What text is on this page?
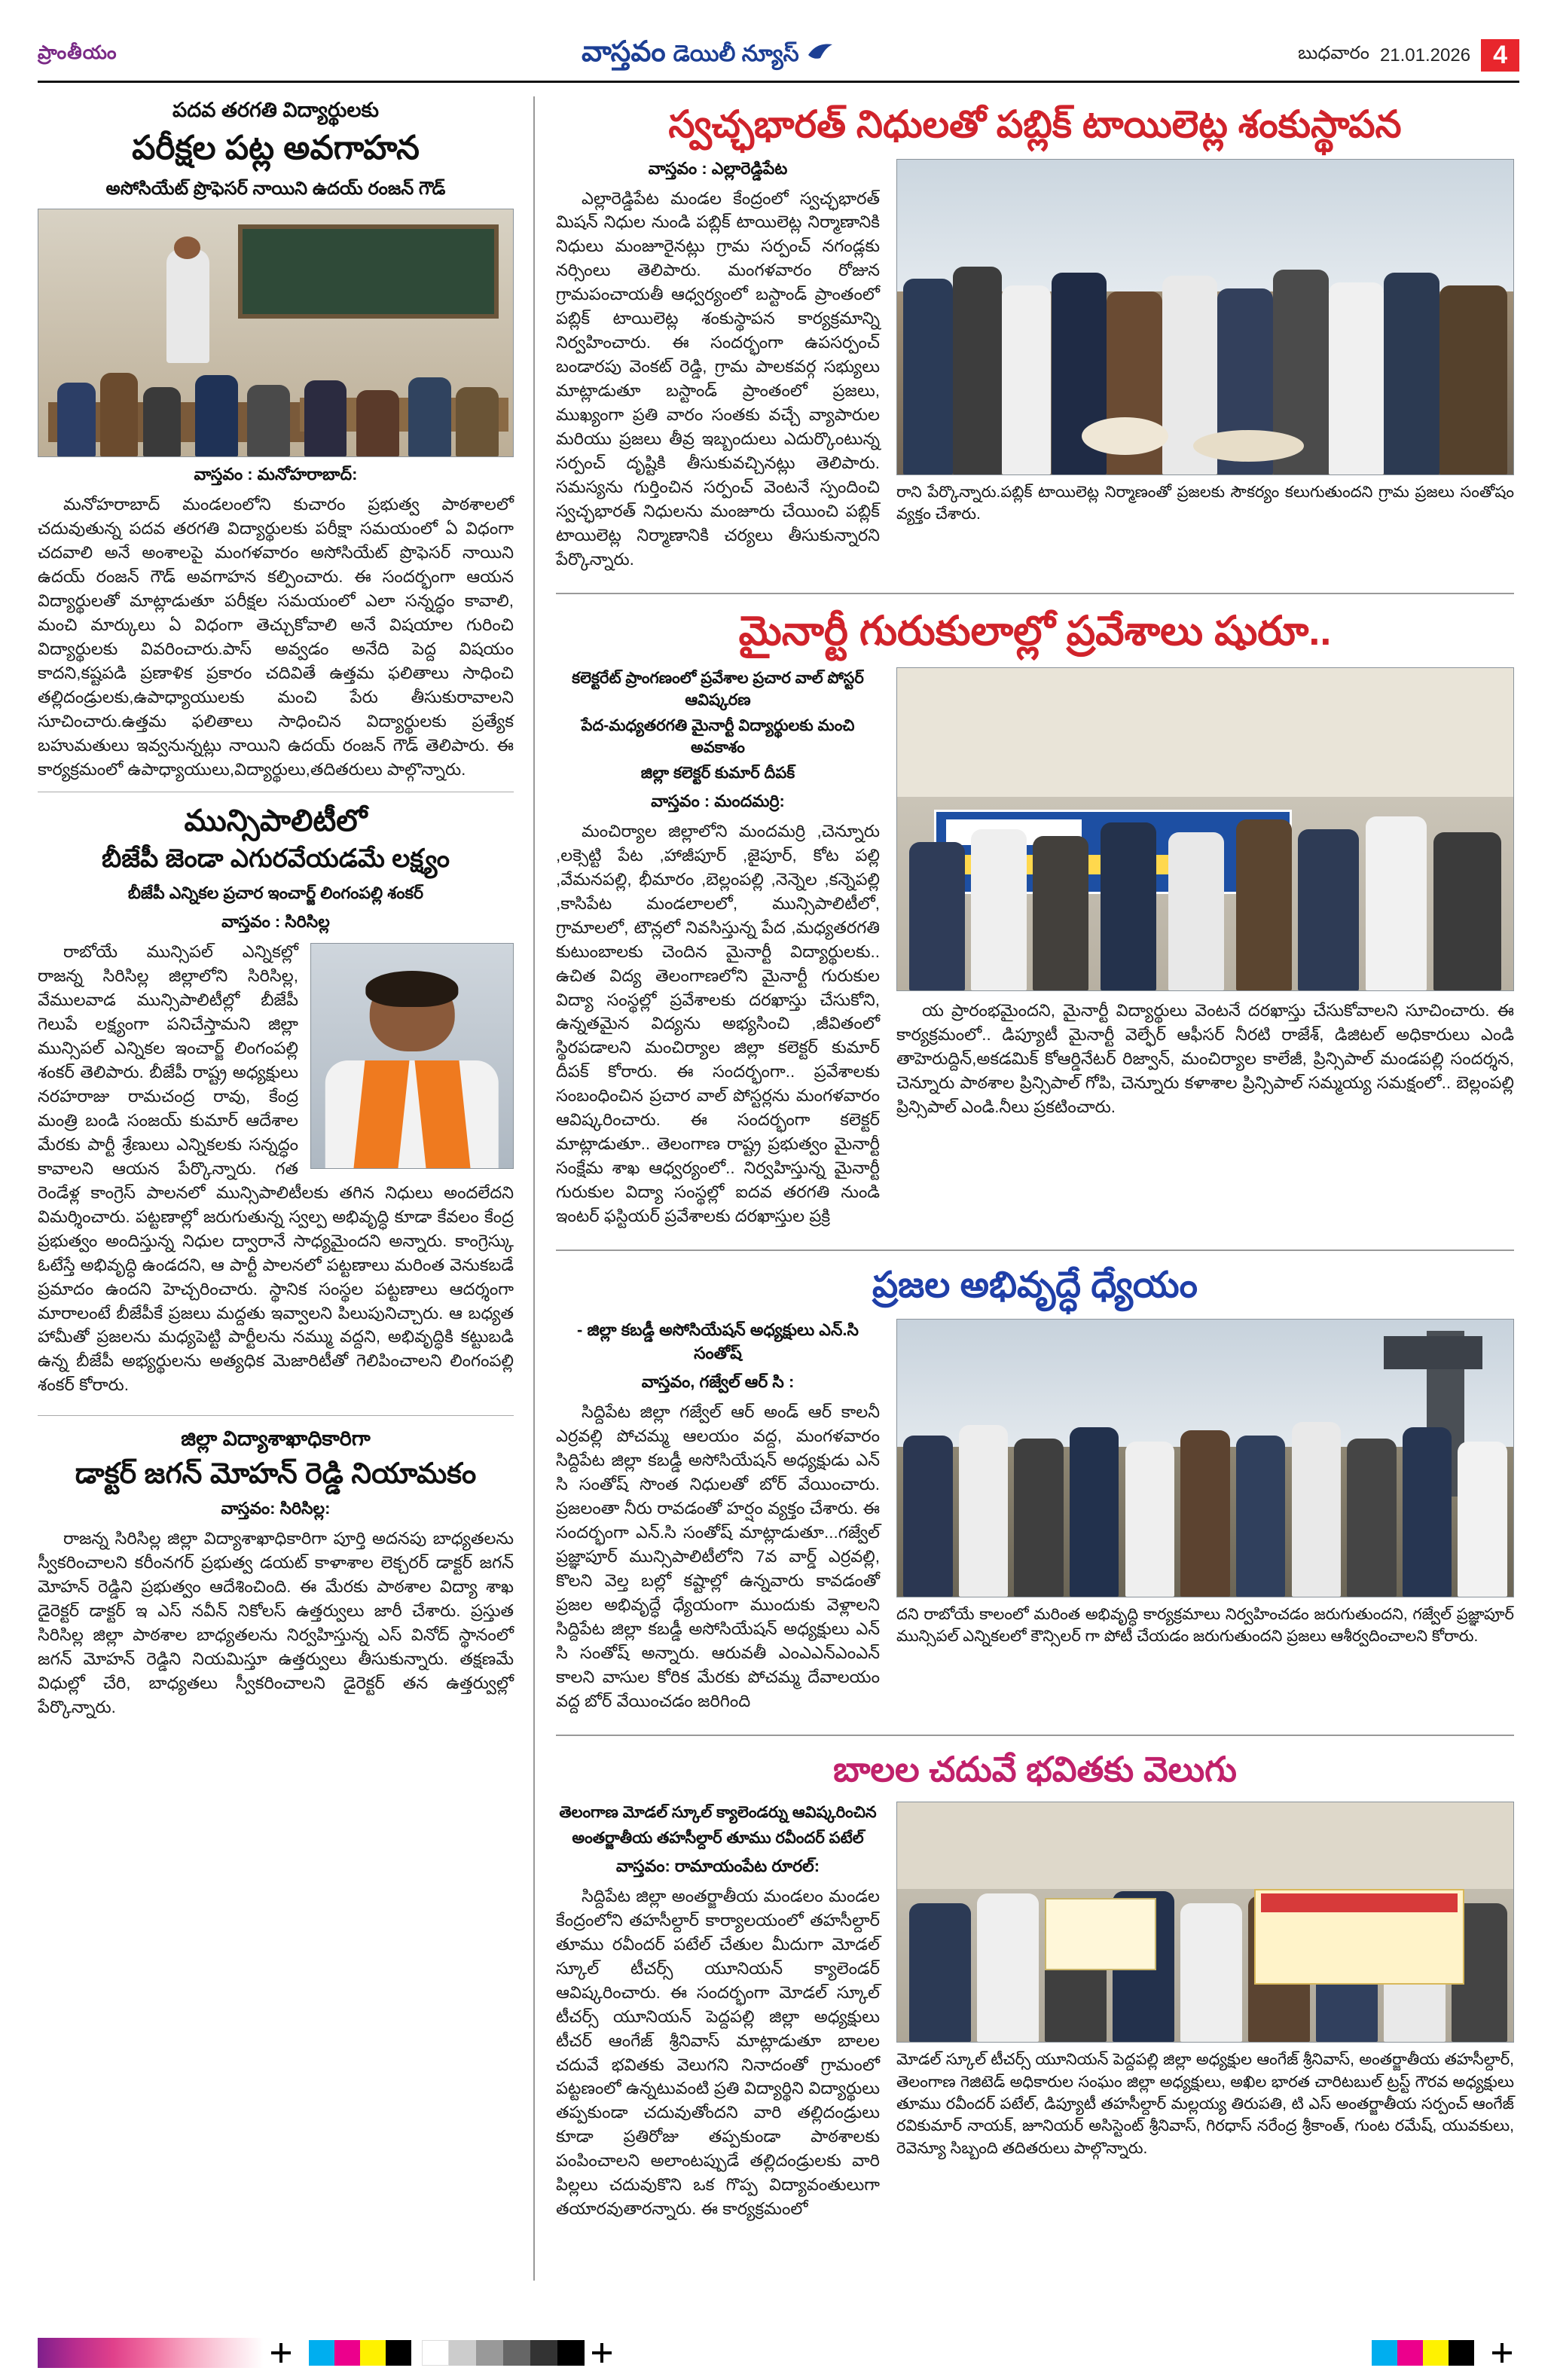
ప్రాంతీయం	వాస్తవం డెయిలీ న్యూస్	బుధవారం 21.01.2026 4
పదవ తరగతి విద్యార్థులకు
పరీక్షల పట్ల అవగాహన
అసోసియేట్ ప్రొఫెసర్ నాయిని ఉదయ్ రంజన్ గౌడ్
వాస్తవం : మనోహరాబాద్:

మనోహరాబాద్ మండలంలోని కుచారం ప్రభుత్వ పాఠశాలలో చదువుతున్న పదవ తరగతి విద్యార్థులకు పరీక్షా సమయంలో ఏ విధంగా చదవాలి అనే అంశాలపై మంగళవారం అసోసియేట్ ప్రొఫెసర్ నాయిని ఉదయ్ రంజన్ గౌడ్ అవగాహన కల్పించారు. ఈ సందర్భంగా ఆయన విద్యార్థులతో మాట్లాడుతూ పరీక్షల సమయంలో ఎలా సన్నద్ధం కావాలి, మంచి మార్కులు ఏ విధంగా తెచ్చుకోవాలి అనే విషయాల గురించి విద్యార్థులకు వివరించారు.పాస్ అవ్వడం అనేది పెద్ద విషయం కాదని,కష్టపడి ప్రణాళిక ప్రకారం చదివితే ఉత్తమ ఫలితాలు సాధించి తల్లిదండ్రులకు,ఉపాధ్యాయులకు మంచి పేరు తీసుకురావాలని సూచించారు.ఉత్తమ ఫలితాలు సాధించిన విద్యార్థులకు ప్రత్యేక బహుమతులు ఇవ్వనున్నట్లు నాయిని ఉదయ్ రంజన్ గౌడ్ తెలిపారు. ఈ కార్యక్రమంలో ఉపాధ్యాయులు,విద్యార్థులు,తదితరులు పాల్గొన్నారు.

మున్సిపాలిటీలో
బీజేపీ జెండా ఎగురవేయడమే లక్ష్యం
బీజేపీ ఎన్నికల ప్రచార ఇంచార్జ్ లింగంపల్లి శంకర్
వాస్తవం : సిరిసిల్ల

రాబోయే మున్సిపల్ ఎన్నికల్లో రాజన్న సిరిసిల్ల జిల్లాలోని సిరిసిల్ల, వేములవాడ మున్సిపాలిటీల్లో బీజేపీ గెలుపే లక్ష్యంగా పనిచేస్తామని జిల్లా మున్సిపల్ ఎన్నికల ఇంచార్జ్ లింగంపల్లి శంకర్ తెలిపారు. బీజేపీ రాష్ట్ర అధ్యక్షులు నరహరాజు రామచంద్ర రావు, కేంద్ర మంత్రి బండి సంజయ్ కుమార్ ఆదేశాల మేరకు పార్టీ శ్రేణులు ఎన్నికలకు సన్నద్ధం కావాలని ఆయన పేర్కొన్నారు. గత రెండేళ్ల కాంగ్రెస్ పాలనలో మున్సిపాలిటీలకు తగిన నిధులు అందలేదని విమర్శించారు. పట్టణాల్లో జరుగుతున్న స్వల్ప అభివృద్ధి కూడా కేవలం కేంద్ర ప్రభుత్వం అందిస్తున్న నిధుల ద్వారానే సాధ్యమైందని అన్నారు. కాంగ్రెస్కు ఓటేస్తే అభివృద్ధి ఉండదని, ఆ పార్టీ పాలనలో పట్టణాలు మరింత వెనుకబడే ప్రమాదం ఉందని హెచ్చరించారు. స్థానిక సంస్థల పట్టణాలు ఆదర్శంగా మారాలంటే బీజేపీకే ప్రజలు మద్దతు ఇవ్వాలని పిలుపునిచ్చారు. ఆ బధ్యత హామీతో ప్రజలను మధ్యపెట్టి పార్టీలను నమ్ము వద్దని, అభివృద్ధికి కట్టుబడి ఉన్న బీజేపీ అభ్యర్థులను అత్యధిక మెజారిటీతో గెలిపించాలని లింగంపల్లి శంకర్ కోరారు.

జిల్లా విద్యాశాఖాధికారిగా
డాక్టర్ జగన్ మోహన్ రెడ్డి నియామకం
వాస్తవం: సిరిసిల్ల:

రాజన్న సిరిసిల్ల జిల్లా విద్యాశాఖాధికారిగా పూర్తి అదనపు బాధ్యతలను స్వీకరించాలని కరీంనగర్ ప్రభుత్వ డయట్ కాళాశాల లెక్చరర్ డాక్టర్ జగన్ మోహన్ రెడ్డిని ప్రభుత్వం ఆదేశించింది. ఈ మేరకు పాఠశాల విద్యా శాఖ డైరెక్టర్ డాక్టర్ ఇ ఎస్ నవీన్ నికోలస్ ఉత్తర్వులు జారీ చేశారు. ప్రస్తుత సిరిసిల్ల జిల్లా పాఠశాల బాధ్యతలను నిర్వహిస్తున్న ఎస్ వినోద్ స్థానంలో జగన్ మోహన్ రెడ్డిని నియమిస్తూ ఉత్తర్వులు తీసుకున్నారు. తక్షణమే విధుల్లో చేరి, బాధ్యతలు స్వీకరించాలని డైరెక్టర్ తన ఉత్తర్వుల్లో పేర్కొన్నారు.

స్వచ్ఛభారత్ నిధులతో పబ్లిక్ టాయిలెట్ల శంకుస్థాపన
వాస్తవం : ఎల్లారెడ్డిపేట

ఎల్లారెడ్డిపేట మండల కేంద్రంలో స్వచ్ఛభారత్ మిషన్ నిధుల నుండి పబ్లిక్ టాయిలెట్ల నిర్మాణానికి నిధులు మంజూరైనట్లు గ్రామ సర్పంచ్ నగండ్లకు నర్సింలు తెలిపారు. మంగళవారం రోజున గ్రామపంచాయతీ ఆధ్వర్యంలో బస్టాండ్ ప్రాంతంలో పబ్లిక్ టాయిలెట్ల శంకుస్థాపన కార్యక్రమాన్ని నిర్వహించారు. ఈ సందర్భంగా ఉపసర్పంచ్ బండారపు వెంకట్ రెడ్డి, గ్రామ పాలకవర్గ సభ్యులు మాట్లాడుతూ బస్టాండ్ ప్రాంతంలో ప్రజలు, ముఖ్యంగా ప్రతి వారం సంతకు వచ్చే వ్యాపారుల మరియు ప్రజలు తీవ్ర ఇబ్బందులు ఎదుర్కొంటున్న సర్పంచ్ దృష్టికి తీసుకువచ్చినట్లు తెలిపారు. సమస్యను గుర్తించిన సర్పంచ్ వెంటనే స్పందించి స్వచ్ఛభారత్ నిధులను మంజూరు చేయించి పబ్లిక్ టాయిలెట్ల నిర్మాణానికి చర్యలు తీసుకున్నారని పేర్కొన్నారు.

రాని పేర్కొన్నారు.పబ్లిక్ టాయిలెట్ల నిర్మాణంతో ప్రజలకు సౌకర్యం కలుగుతుందని గ్రామ ప్రజలు సంతోషం వ్యక్తం చేశారు.
మైనార్టీ గురుకులాల్లో ప్రవేశాలు షురూ..
కలెక్టరేట్ ప్రాంగణంలో ప్రవేశాల ప్రచార వాల్ పోస్టర్ ఆవిష్కరణ
పేద-మధ్యతరగతి మైనార్టీ విద్యార్థులకు మంచి అవకాశం
జిల్లా కలెక్టర్ కుమార్ దీపక్
వాస్తవం : మందమర్రి:

మంచిర్యాల జిల్లాలోని మందమర్రి ,చెన్నూరు ,లక్సెట్టి పేట ,హాజీపూర్ ,జైపూర్, కోట పల్లి ,వేమనపల్లి, భీమారం ,బెల్లంపల్లి ,నెన్నెల ,కన్నెపల్లి ,కాసిపేట మండలాలలో, మున్సిపాలిటీలో, గ్రామాలలో, టౌన్లలో నివసిస్తున్న పేద ,మధ్యతరగతి కుటుంబాలకు చెందిన మైనార్టీ విద్యార్థులకు.. ఉచిత విద్య తెలంగాణలోని మైనార్టీ గురుకుల విద్యా సంస్థల్లో ప్రవేశాలకు దరఖాస్తు చేసుకోని, ఉన్నతమైన విద్యను అభ్యసించి ,జీవితంలో స్థిరపడాలని మంచిర్యాల జిల్లా కలెక్టర్ కుమార్ దీపక్ కోరారు. ఈ సందర్భంగా.. ప్రవేశాలకు సంబంధించిన ప్రచార వాల్ పోస్టర్లను మంగళవారం ఆవిష్కరించారు. ఈ సందర్భంగా కలెక్టర్ మాట్లాడుతూ.. తెలంగాణ రాష్ట్ర ప్రభుత్వం మైనార్టీ సంక్షేమ శాఖ ఆధ్వర్యంలో.. నిర్వహిస్తున్న మైనార్టీ గురుకుల విద్యా సంస్థల్లో ఐదవ తరగతి నుండి ఇంటర్ ఫస్టియర్ ప్రవేశాలకు దరఖాస్తుల ప్రక్రి

య ప్రారంభమైందని, మైనార్టీ విద్యార్థులు వెంటనే దరఖాస్తు చేసుకోవాలని సూచించారు. ఈ కార్యక్రమంలో.. డిప్యూటీ మైనార్టీ వెల్ఫేర్ ఆఫీసర్ నీరటి రాజేశ్, డిజిటల్ అధికారులు ఎండి తాహెరుద్దిన్,అకడమిక్ కోఆర్డినేటర్ రిజ్వాన్, మంచిర్యాల కాలేజీ, ప్రిన్సిపాల్ మండపల్లి సందర్శన, చెన్నూరు పాఠశాల ప్రిన్సిపాల్ గోపి, చెన్నూరు కళాశాల ప్రిన్సిపాల్ సమ్మయ్య సమక్షంలో.. బెల్లంపల్లి ప్రిన్సిపాల్ ఎండి.నీలు ప్రకటించారు.

ప్రజల అభివృద్ధే ధ్యేయం
- జిల్లా కబడ్డీ అసోసియేషన్ అధ్యక్షులు ఎన్.సి సంతోష్
వాస్తవం, గజ్వేల్ ఆర్ సి :

సిద్దిపేట జిల్లా గజ్వేల్ ఆర్ అండ్ ఆర్ కాలనీ ఎర్రవల్లి పోచమ్మ ఆలయం వద్ద, మంగళవారం సిద్దిపేట జిల్లా కబడ్డీ అసోసియేషన్ అధ్యక్షుడు ఎన్ సి సంతోష్ సొంత నిధులతో బోర్ వేయించారు. ప్రజలంతా నీరు రావడంతో హర్షం వ్యక్తం చేశారు. ఈ సందర్భంగా ఎన్.సి సంతోష్ మాట్లాడుతూ...గజ్వేల్ ప్రజ్ఞాపూర్ మున్సిపాలిటీలోని 7వ వార్డ్ ఎర్రవల్లి, కొలని వెల్త బల్లో కష్టాల్లో ఉన్నవారు కావడంతో ప్రజల అభివృద్ధే ధ్యేయంగా ముందుకు వెళ్లాలని సిద్దిపేట జిల్లా కబడ్డీ అసోసియేషన్ అధ్యక్షులు ఎన్ సి సంతోష్ అన్నారు. ఆరువతీ ఎంఎఎన్ఎంఎన్ కాలని వాసుల కోరిక మేరకు పోచమ్మ దేవాలయం వద్ద బోర్ వేయించడం జరిగింది

దని రాబోయే కాలంలో మరింత అభివృద్ధి కార్యక్రమాలు నిర్వహించడం జరుగుతుందని, గజ్వేల్ ప్రజ్ఞాపూర్ మున్సిపల్ ఎన్నికలలో కౌన్సిలర్ గా పోటీ చేయడం జరుగుతుందని ప్రజలు ఆశీర్వదించాలని కోరారు.
బాలల చదువే భవితకు వెలుగు
తెలంగాణ మోడల్ స్కూల్ క్యాలెండర్ను ఆవిష్కరించిన
అంతర్జాతీయ తహసీల్దార్ తూము రవీందర్ పటేల్
వాస్తవం: రామాయంపేట రూరల్:

సిద్దిపేట జిల్లా అంతర్జాతీయ మండలం మండల కేంద్రంలోని తహసీల్దార్ కార్యాలయంలో తహసీల్దార్ తూము రవీందర్ పటేల్ చేతుల మీదుగా మోడల్ స్కూల్ టీచర్స్ యూనియన్ క్యాలెండర్ ఆవిష్కరించారు. ఈ సందర్భంగా మోడల్ స్కూల్ టీచర్స్ యూనియన్ పెద్దపల్లి జిల్లా అధ్యక్షులు టీచర్ ఆంగేజ్ శ్రీనివాస్ మాట్లాడుతూ బాలల చదువే భవితకు వెలుగని నినాదంతో గ్రామంలో పట్టణంలో ఉన్నటువంటి ప్రతి విద్యార్థిని విద్యార్థులు తప్పకుండా చదువుతోందని వారి తల్లిదండ్రులు కూడా ప్రతిరోజు తప్పకుండా పాఠశాలకు పంపించాలని అలాంటప్పుడే తల్లిదండ్రులకు వారి పిల్లలు చదువుకొని ఒక గొప్ప విద్యావంతులుగా తయారవుతారన్నారు. ఈ కార్యక్రమంలో

మోడల్ స్కూల్ టీచర్స్ యూనియన్ పెద్దపల్లి జిల్లా అధ్యక్షుల ఆంగేజ్ శ్రీనివాస్, అంతర్జాతీయ తహసీల్దార్, తెలంగాణ గెజిటెడ్ అధికారుల సంఘం జిల్లా అధ్యక్షులు, అఖిల భారత చారిటబుల్ ట్రస్ట్ గౌరవ అధ్యక్షులు తూము రవీందర్ పటేల్, డిప్యూటీ తహసీల్దార్ మల్లయ్య తిరుపతి, టి ఎస్ అంతర్జాతీయ సర్పంచ్ ఆంగేజ్ రవికుమార్ నాయక్, జూనియర్ అసిస్టెంట్ శ్రీనివాస్, గిరధాస్ నరేంద్ర శ్రీకాంత్, గుంట రమేష్, యువకులు, రెవెన్యూ సిబ్బంది తదితరులు పాల్గొన్నారు.
